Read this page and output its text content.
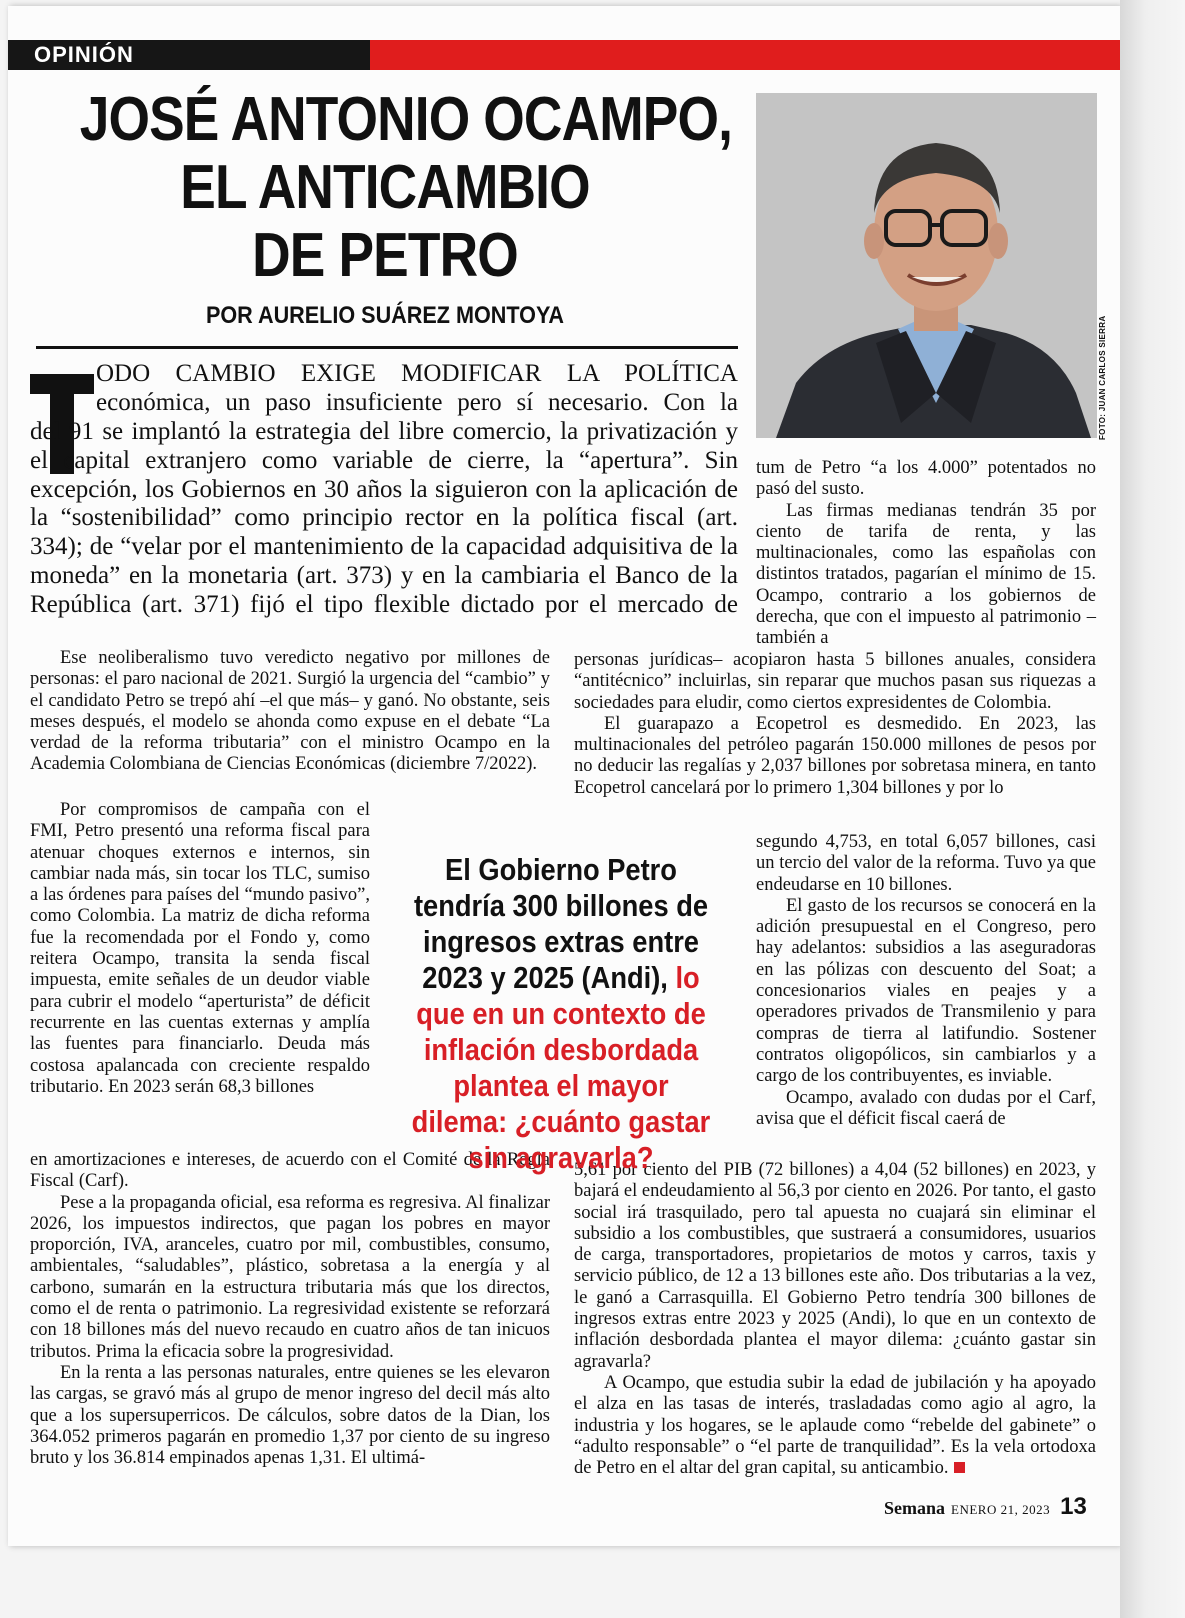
OPINIÓN
JOSÉ ANTONIO OCAMPO,
EL ANTICAMBIO
DE PETRO
POR AURELIO SUÁREZ MONTOYA
FOTO: JUAN CARLOS SIERRA
ODO CAMBIO EXIGE MODIFICAR LA POLÍTICA económica, un paso insuficiente pero sí necesario. Con la
del 91 se implantó la estrategia del libre comercio, la privatización y el capital extranjero como variable de cierre, la “apertura”. Sin excepción, los Gobiernos en 30 años la siguieron con la aplicación de la “sostenibilidad” como principio rector en la política fiscal (art. 334); de “velar por el mantenimiento de la capacidad adquisitiva de la moneda” en la monetaria (art. 373) y en la cambiaria el Banco de la República (art. 371) fijó el tipo flexible dictado por el mercado de

Ese neoliberalismo tuvo veredicto negativo por millones de personas: el paro nacional de 2021. Surgió la urgencia del “cambio” y el candidato Petro se trepó ahí –el que más– y ganó. No obstante, seis meses después, el modelo se ahonda como expuse en el debate “La verdad de la reforma tributaria” con el ministro Ocampo en la Academia Colombiana de Ciencias Económicas (diciembre 7/2022).

Por compromisos de campaña con el FMI, Petro presentó una reforma fiscal para atenuar choques externos e internos, sin cambiar nada más, sin tocar los TLC, sumiso a las órdenes para países del “mundo pasivo”, como Colombia. La matriz de dicha reforma fue la recomendada por el Fondo y, como reitera Ocampo, transita la senda fiscal impuesta, emite señales de un deudor viable para cubrir el modelo “aperturista” de déficit recurrente en las cuentas externas y amplía las fuentes para financiarlo. Deuda más costosa apalancada con creciente respaldo tributario. En 2023 serán 68,3 billones

en amortizaciones e intereses, de acuerdo con el Comité de la Regla Fiscal (Carf).

Pese a la propaganda oficial, esa reforma es regresiva. Al finalizar 2026, los impuestos indirectos, que pagan los pobres en mayor proporción, IVA, aranceles, cuatro por mil, combustibles, consumo, ambientales, “saludables”, plástico, sobretasa a la energía y al carbono, sumarán en la estructura tributaria más que los directos, como el de renta o patrimonio. La regresividad existente se reforzará con 18 billones más del nuevo recaudo en cuatro años de tan inicuos tributos. Prima la eficacia sobre la progresividad.

En la renta a las personas naturales, entre quienes se les elevaron las cargas, se gravó más al grupo de menor ingreso del decil más alto que a los supersuperricos. De cálculos, sobre datos de la Dian, los 364.052 primeros pagarán en promedio 1,37 por ciento de su ingreso bruto y los 36.814 empinados apenas 1,31. El ultimá-

tum de Petro “a los 4.000” potentados no pasó del susto.

Las firmas medianas tendrán 35 por ciento de tarifa de renta, y las multinacionales, como las españolas con distintos tratados, pagarían el mínimo de 15. Ocampo, contrario a los gobiernos de derecha, que con el impuesto al patrimonio –también a

personas jurídicas– acopiaron hasta 5 billones anuales, considera “antitécnico” incluirlas, sin reparar que muchos pasan sus riquezas a sociedades para eludir, como ciertos expresidentes de Colombia.

El guarapazo a Ecopetrol es desmedido. En 2023, las multinacionales del petróleo pagarán 150.000 millones de pesos por no deducir las regalías y 2,037 billones por sobretasa minera, en tanto Ecopetrol cancelará por lo primero 1,304 billones y por lo

segundo 4,753, en total 6,057 billones, casi un tercio del valor de la reforma. Tuvo ya que endeudarse en 10 billones.

El gasto de los recursos se conocerá en la adición presupuestal en el Congreso, pero hay adelantos: subsidios a las aseguradoras en las pólizas con descuento del Soat; a concesionarios viales en peajes y a operadores privados de Transmilenio y para compras de tierra al latifundio. Sostener contratos oligopólicos, sin cambiarlos y a cargo de los contribuyentes, es inviable.

Ocampo, avalado con dudas por el Carf, avisa que el déficit fiscal caerá de

5,61 por ciento del PIB (72 billones) a 4,04 (52 billones) en 2023, y bajará el endeudamiento al 56,3 por ciento en 2026. Por tanto, el gasto social irá trasquilado, pero tal apuesta no cuajará sin eliminar el subsidio a los combustibles, que sustraerá a consumidores, usuarios de carga, transportadores, propietarios de motos y carros, taxis y servicio público, de 12 a 13 billones este año. Dos tributarias a la vez, le ganó a Carrasquilla. El Gobierno Petro tendría 300 billones de ingresos extras entre 2023 y 2025 (Andi), lo que en un contexto de inflación desbordada plantea el mayor dilema: ¿cuánto gastar sin agravarla?

A Ocampo, que estudia subir la edad de jubilación y ha apoyado el alza en las tasas de interés, trasladadas como agio al agro, la industria y los hogares, se le aplaude como “rebelde del gabinete” o “adulto responsable” o “el parte de tranquilidad”. Es la vela ortodoxa de Petro en el altar del gran capital, su anticambio.

El Gobierno Petro tendría 300 billones de ingresos extras entre 2023 y 2025 (Andi), lo que en un contexto de inflación desbordada plantea el mayor dilema: ¿cuánto gastar sin agravarla?
Semana ENERO 21, 2023 13
